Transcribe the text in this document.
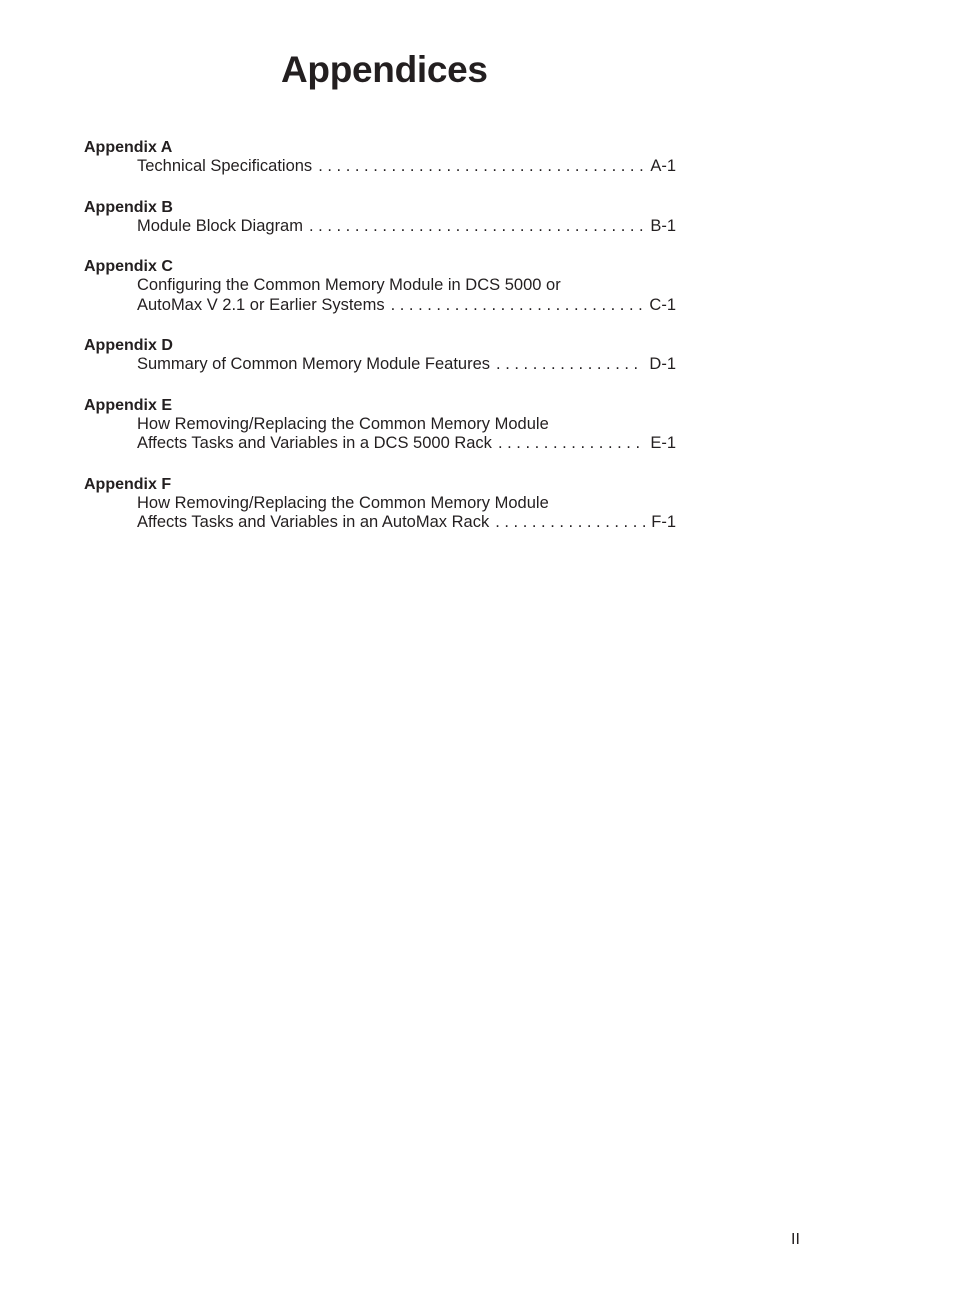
Appendices
Appendix A
Technical Specifications . . .	A-1
Appendix B
Module Block Diagram . . .	B-1
Appendix C
Configuring the Common Memory Module in DCS 5000 or
AutoMax V 2.1 or Earlier Systems . . .	C-1
Appendix D
Summary of Common Memory Module Features . . .	D-1
Appendix E
How Removing/Replacing the Common Memory Module
Affects Tasks and Variables in a DCS 5000 Rack . . .	E-1
Appendix F
How Removing/Replacing the Common Memory Module
Affects Tasks and Variables in an AutoMax Rack . . .	F-1
II
